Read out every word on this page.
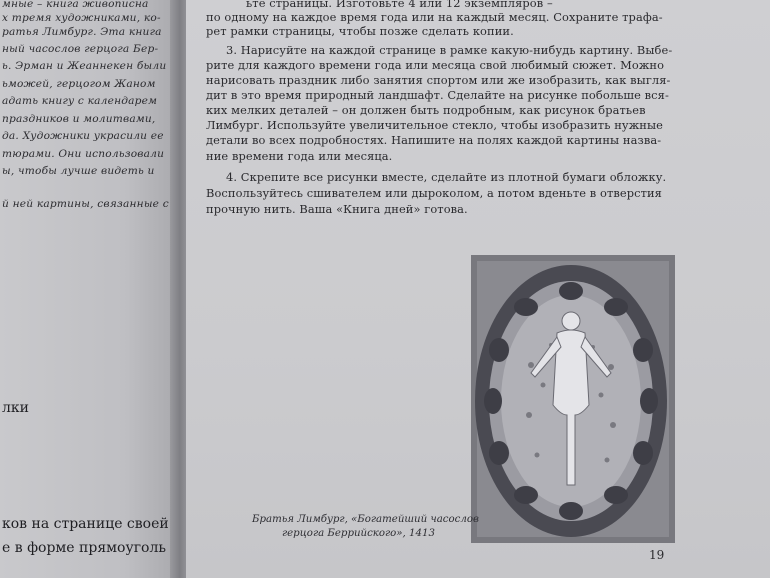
мные – книга живописна
х тремя художниками, ко-
ратья Лимбург. Эта книга
ный часослов герцога Бер-
ь. Эрман и Жеаннекен были
ьможей, герцогом Жаном
адать книгу с календарем
праздников и молитвами,
да. Художники украсили ее
тюрами. Они использовали
ы, чтобы лучше видеть и
й ней картины, связанные с
лки
ков на странице своей
е в форме прямоуголь
ьте страницы. Изготовьте 4 или 12 экземпляров –
по одному на каждое время года или на каждый месяц. Сохраните трафа-
рет рамки страницы, чтобы позже сделать копии.
3. Нарисуйте на каждой странице в рамке какую-нибудь картину. Выбе-
рите для каждого времени года или месяца свой любимый сюжет. Можно
нарисовать праздник либо занятия спортом или же изобразить, как выгля-
дит в это время природный ландшафт. Сделайте на рисунке побольше вся-
ких мелких деталей – он должен быть подробным, как рисунок братьев
Лимбург. Используйте увеличительное стекло, чтобы изобразить нужные
детали во всех подробностях. Напишите на полях каждой картины назва-
ние времени года или месяца.
4. Скрепите все рисунки вместе, сделайте из плотной бумаги обложку.
Воспользуйтесь сшивателем или дыроколом, а потом вденьте в отверстия
прочную нить. Ваша «Книга дней» готова.
Братья Лимбург, «Богатейший часослов
герцога Беррийского», 1413
19
